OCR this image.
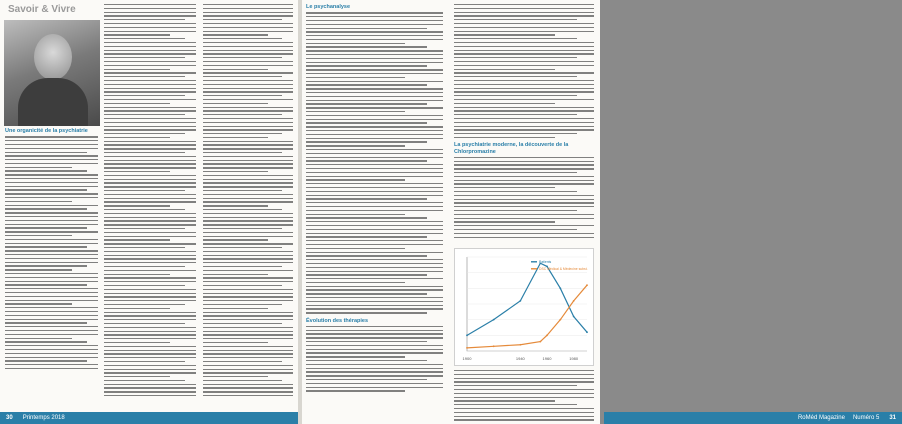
Savoir & Vivre
Une organicité de la psychiatrie
30	Printemps 2018
Le psychanalyse
Évolution des thérapies
La psychiatrie moderne, la découverte de la Chlorpromazine
1900	1940	1960	1980
Patients
DSC Médical & Médecine subst.
RoMéd Magazine	Numéro 5	31
